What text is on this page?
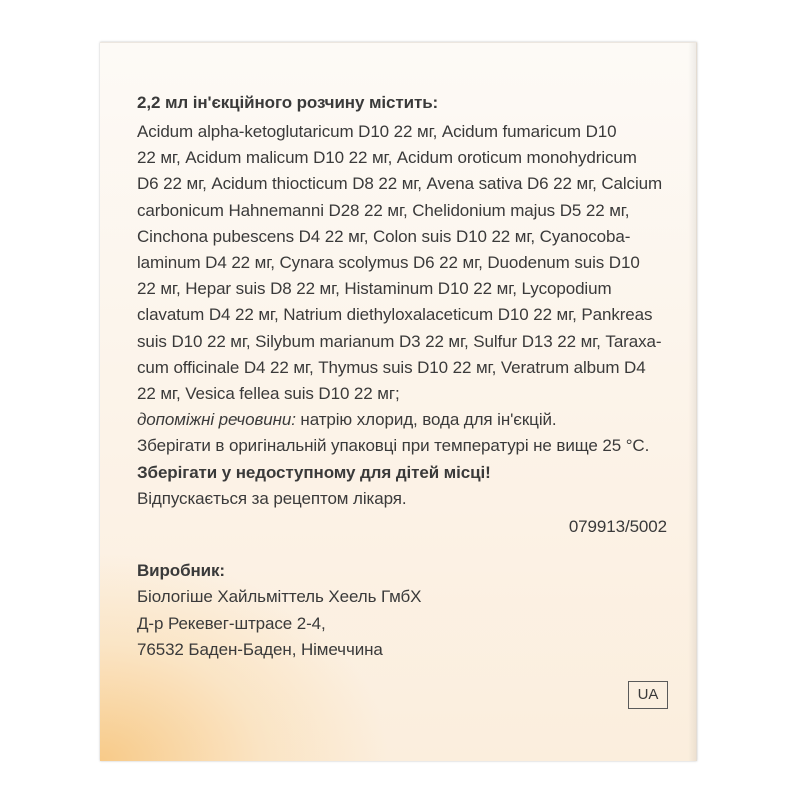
2,2 мл ін'єкційного розчину містить:

Acidum alpha-ketoglutaricum D10 22 мг, Acidum fumaricum D10

22 мг, Acidum malicum D10 22 мг, Acidum oroticum monohydricum

D6 22 мг, Acidum thiocticum D8 22 мг, Avena sativa D6 22 мг, Calcium

carbonicum Hahnemanni D28 22 мг, Chelidonium majus D5 22 мг,

Cinchona pubescens D4 22 мг, Colon suis D10 22 мг, Cyanocoba-

laminum D4 22 мг, Cynara scolymus D6 22 мг, Duodenum suis D10

22 мг, Hepar suis D8 22 мг, Histaminum D10 22 мг, Lycopodium

clavatum D4 22 мг, Natrium diethyloxalaceticum D10 22 мг, Pankreas

suis D10 22 мг, Silybum marianum D3 22 мг, Sulfur D13 22 мг, Taraxa-

cum officinale D4 22 мг, Thymus suis D10 22 мг, Veratrum album D4

22 мг, Vesica fellea suis D10 22 мг;

допоміжні речовини: натрію хлорид, вода для ін'єкцій.

Зберігати в оригінальній упаковці при температурі не вище 25 °С.

Зберігати у недоступному для дітей місці!

Відпускається за рецептом лікаря.

079913/5002

Виробник:

Біологіше Хайльміттель Хеель ГмбХ

Д-р Рекевег-штрасе 2-4,

76532 Баден-Баден, Німеччина

UA
